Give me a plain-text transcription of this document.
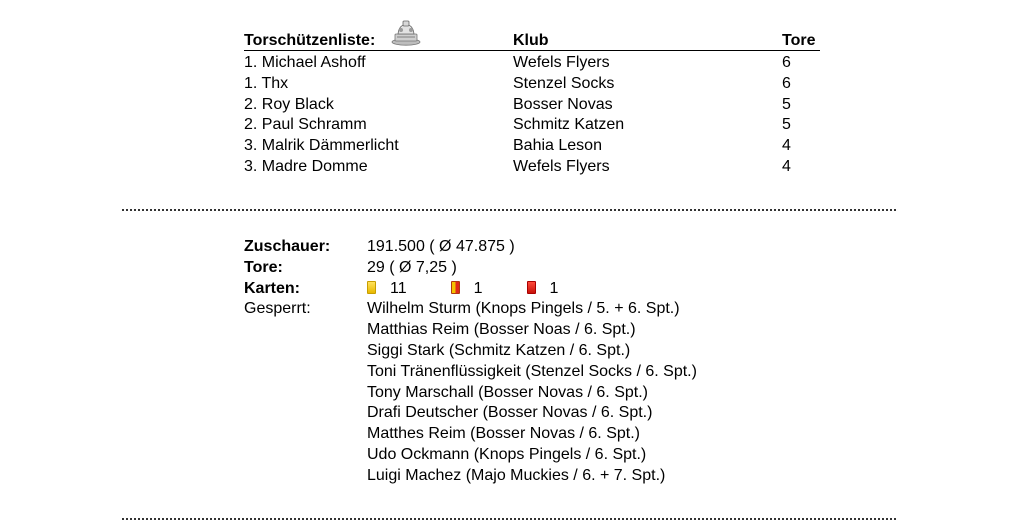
Torschützenliste:	Klub	Tore
1. Michael Ashoff	Wefels Flyers	6
1. Thx	Stenzel Socks	6
2. Roy Black	Bosser Novas	5
2. Paul Schramm	Schmitz Katzen	5
3. Malrik Dämmerlicht	Bahia Leson	4
3. Madre Domme	Wefels Flyers	4
Zuschauer: 191.500 ( Ø 47.875 )
Tore:	29 ( Ø 7,25 )
Karten:	11	1	1
Gesperrt:	Wilhelm Sturm (Knops Pingels / 5. + 6. Spt.)
Matthias Reim (Bosser Noas / 6. Spt.)
Siggi Stark (Schmitz Katzen / 6. Spt.)
Toni Tränenflüssigkeit (Stenzel Socks / 6. Spt.)
Tony Marschall (Bosser Novas / 6. Spt.)
Drafi Deutscher (Bosser Novas / 6. Spt.)
Matthes Reim (Bosser Novas / 6. Spt.)
Udo Ockmann (Knops Pingels / 6. Spt.)
Luigi Machez (Majo Muckies / 6. + 7. Spt.)
